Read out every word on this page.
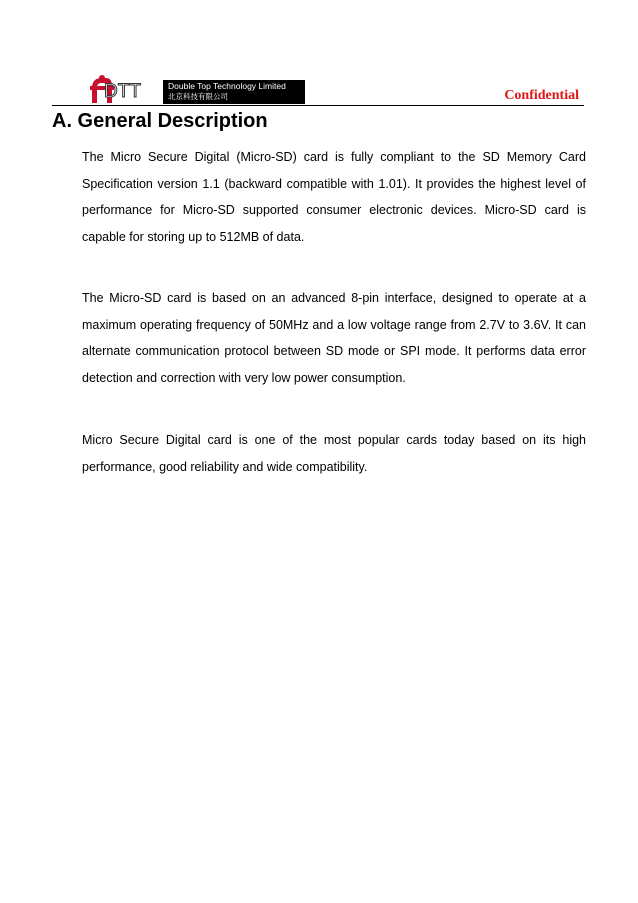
DTT	Double Top Technology Limited
北京科技有限公司	Confidential
A. General Description

The Micro Secure Digital (Micro-SD) card is fully compliant to the SD Memory Card Specification version 1.1 (backward compatible with 1.01). It provides the highest level of performance for Micro-SD supported consumer electronic devices. Micro-SD card is capable for storing up to 512MB of data.

The Micro-SD card is based on an advanced 8-pin interface, designed to operate at a maximum operating frequency of 50MHz and a low voltage range from 2.7V to 3.6V. It can alternate communication protocol between SD mode or SPI mode. It performs data error detection and correction with very low power consumption.

Micro Secure Digital card is one of the most popular cards today based on its high performance, good reliability and wide compatibility.
